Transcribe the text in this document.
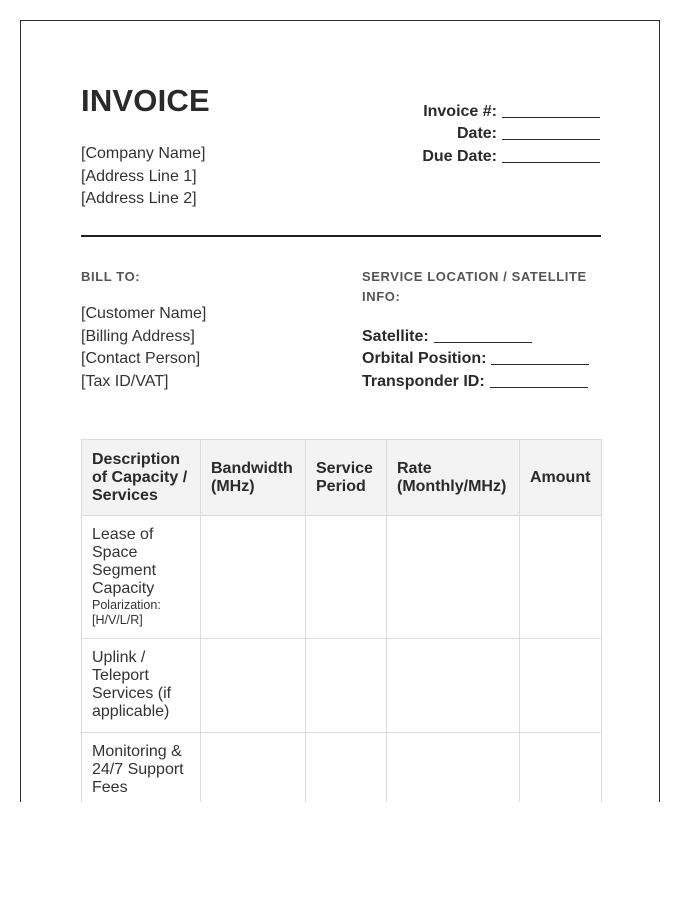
INVOICE
[Company Name]
[Address Line 1]
[Address Line 2]
Invoice #:
Date:
Due Date:
BILL TO:	SERVICE LOCATION / SATELLITE INFO:
[Customer Name]
[Billing Address]
[Contact Person]
[Tax ID/VAT]
Satellite:
Orbital Position:
Transponder ID:
Description of Capacity / Services	Bandwidth (MHz)	Service Period	Rate (Monthly/MHz)	Amount
Lease of Space Segment Capacity
Polarization: [H/V/L/R]				

Uplink / Teleport Services (if applicable)				
Monitoring & 24/7 Support Fees				
